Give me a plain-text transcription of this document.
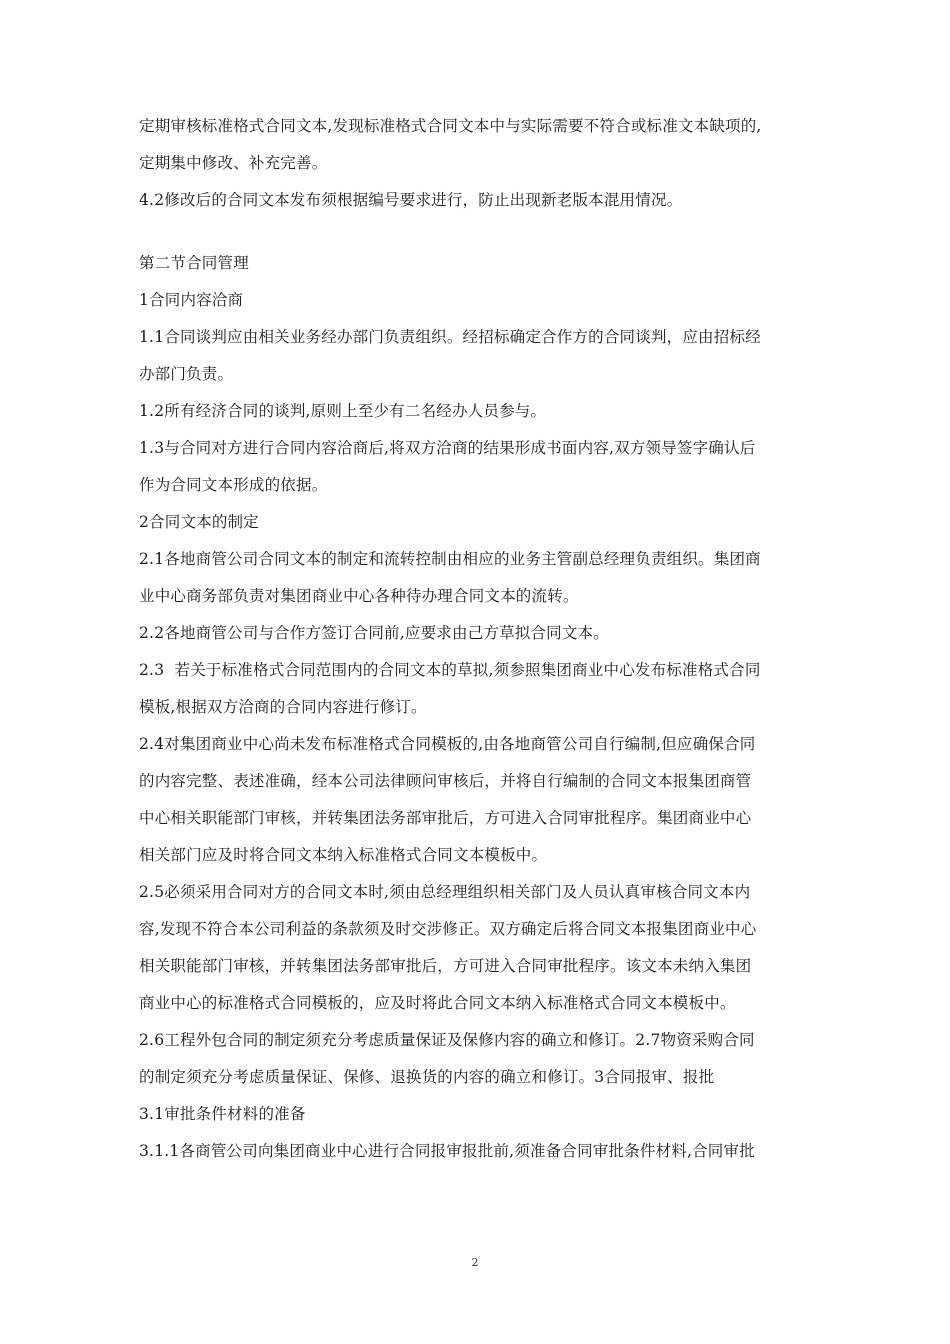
定期审核标准格式合同文本,发现标准格式合同文本中与实际需要不符合或标准文本缺项的,
定期集中修改、补充完善。
4.2修改后的合同文本发布须根据编号要求进行，防止出现新老版本混用情况。
第二节合同管理
1合同内容洽商
1.1合同谈判应由相关业务经办部门负责组织。经招标确定合作方的合同谈判，应由招标经
办部门负责。
1.2所有经济合同的谈判,原则上至少有二名经办人员参与。
1.3与合同对方进行合同内容洽商后,将双方洽商的结果形成书面内容,双方领导签字确认后
作为合同文本形成的依据。
2合同文本的制定
2.1各地商管公司合同文本的制定和流转控制由相应的业务主管副总经理负责组织。集团商
业中心商务部负责对集团商业中心各种待办理合同文本的流转。
2.2各地商管公司与合作方签订合同前,应要求由己方草拟合同文本。
2.3  若关于标准格式合同范围内的合同文本的草拟,须参照集团商业中心发布标准格式合同
模板,根据双方洽商的合同内容进行修订。
2.4对集团商业中心尚未发布标准格式合同模板的,由各地商管公司自行编制,但应确保合同
的内容完整、表述准确，经本公司法律顾问审核后，并将自行编制的合同文本报集团商管
中心相关职能部门审核，并转集团法务部审批后，方可进入合同审批程序。集团商业中心
相关部门应及时将合同文本纳入标准格式合同文本模板中。
2.5必须采用合同对方的合同文本时,须由总经理组织相关部门及人员认真审核合同文本内
容,发现不符合本公司利益的条款须及时交涉修正。双方确定后将合同文本报集团商业中心
相关职能部门审核，并转集团法务部审批后，方可进入合同审批程序。该文本未纳入集团
商业中心的标准格式合同模板的，应及时将此合同文本纳入标准格式合同文本模板中。
2.6工程外包合同的制定须充分考虑质量保证及保修内容的确立和修订。2.7物资采购合同
的制定须充分考虑质量保证、保修、退换货的内容的确立和修订。3合同报审、报批
3.1审批条件材料的准备
3.1.1各商管公司向集团商业中心进行合同报审报批前,须准备合同审批条件材料,合同审批
2
